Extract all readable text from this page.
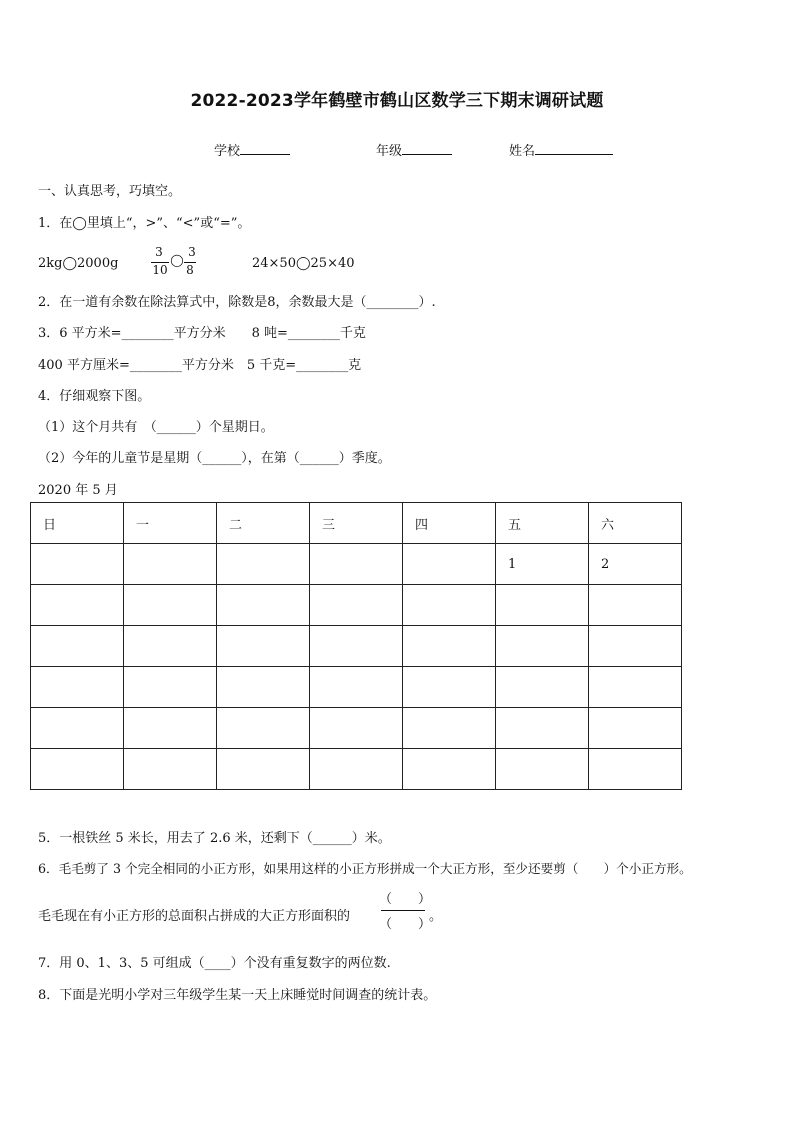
2022-2023学年鹤壁市鹤山区数学三下期末调研试题
学校	年级	姓名
一、认真思考，巧填空。
1．在◯里填上“，>”、“<”或“=”。
2kg◯2000g
3
10
◯
3
8	24×50◯25×40
2．在一道有余数在除法算式中，除数是8，余数最大是（________）.
3．6 平方米=________平方分米　　8 吨=________千克
400 平方厘米=________平方分米　5 千克=________克
4．仔细观察下图。
（1）这个月共有　（______）个星期日。
（2）今年的儿童节是星期（______），在第（______）季度。
2020 年 5 月
日	一	二	三	四	五	六
					1	2

5．一根铁丝 5 米长，用去了 2.6 米，还剩下（______）米。
6．毛毛剪了 3 个完全相同的小正方形，如果用这样的小正方形拼成一个大正方形，至少还要剪（　　）个小正方形。
毛毛现在有小正方形的总面积占拼成的大正方形面积的
（　　）
（　　）
。
7．用 0、1、3、5 可组成（____）个没有重复数字的两位数.
8．下面是光明小学对三年级学生某一天上床睡觉时间调查的统计表。
